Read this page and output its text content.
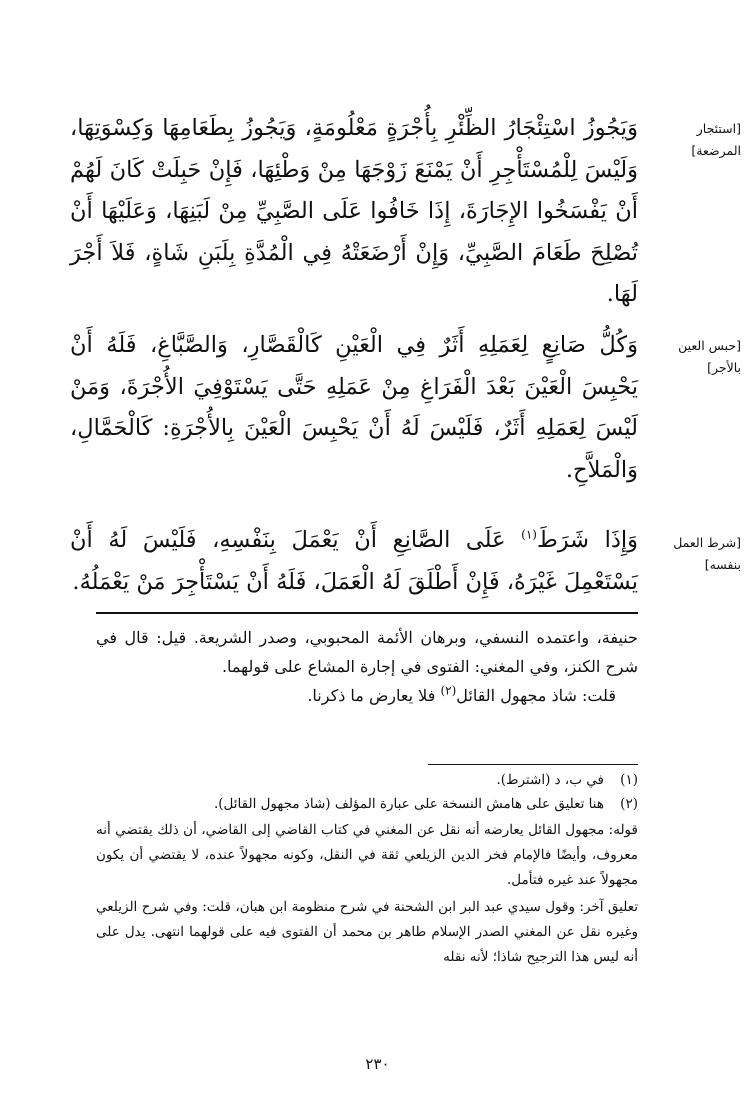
[استئجار المرضعة]
وَيَجُوزُ اسْتِئْجَارُ الظِّئْرِ بِأُجْرَةٍ مَعْلُومَةٍ، وَيَجُوزُ بِطَعَامِهَا وَكِسْوَتِهَا، وَلَيْسَ لِلْمُسْتَأْجِرِ أَنْ يَمْنَعَ زَوْجَهَا مِنْ وَطْئِهَا، فَإِنْ حَبِلَتْ كَانَ لَهُمْ أَنْ يَفْسَخُوا الإِجَارَةَ، إِذَا خَافُوا عَلَى الصَّبِيِّ مِنْ لَبَنِهَا، وَعَلَيْهَا أَنْ تُصْلِحَ طَعَامَ الصَّبِيِّ، وَإِنْ أَرْضَعَتْهُ فِي الْمُدَّةِ بِلَبَنِ شَاةٍ، فَلاَ أَجْرَ لَهَا.
[حبس العين بالأجر]
وَكُلُّ صَانِعٍ لِعَمَلِهِ أَثَرٌ فِي الْعَيْنِ كَالْقَصَّارِ، وَالصَّبَّاغِ، فَلَهُ أَنْ يَحْبِسَ الْعَيْنَ بَعْدَ الْفَرَاغِ مِنْ عَمَلِهِ حَتَّى يَسْتَوْفِيَ الأُجْرَةَ، وَمَنْ لَيْسَ لِعَمَلِهِ أَثَرٌ، فَلَيْسَ لَهُ أَنْ يَحْبِسَ الْعَيْنَ بِالأُجْرَةِ: كَالْحَمَّالِ، وَالْمَلاَّحِ.
[شرط العمل بنفسه]
وَإِذَا شَرَطَ$^{(١)}$ عَلَى الصَّانِعِ أَنْ يَعْمَلَ بِنَفْسِهِ، فَلَيْسَ لَهُ أَنْ يَسْتَعْمِلَ غَيْرَهُ، فَإِنْ أَطْلَقَ لَهُ الْعَمَلَ، فَلَهُ أَنْ يَسْتَأْجِرَ مَنْ يَعْمَلُهُ.
حنيفة، واعتمده النسفي، وبرهان الأئمة المحبوبي، وصدر الشريعة. قيل: قال في شرح الكنز، وفي المغني: الفتوى في إجارة المشاع على قولهما.
قلت: شاذ مجهول القائل$^{(٢)}$ فلا يعارض ما ذكرنا.
(١)
في ب، د (اشترط).
(٢)
هنا تعليق على هامش النسخة على عبارة المؤلف (شاذ مجهول القائل).
قوله: مجهول القائل يعارضه أنه نقل عن المغني في كتاب القاضي إلى القاضي، أن ذلك يقتضي أنه معروف، وأيضًا فالإمام فخر الدين الزيلعي ثقة في النقل، وكونه مجهولاً عنده، لا يقتضي أن يكون مجهولاً عند غيره فتأمل.
تعليق آخر: وقول سيدي عبد البر ابن الشحنة في شرح منظومة ابن هبان، قلت: وفي شرح الزيلعي وغيره نقل عن المغني الصدر الإسلام طاهر بن محمد أن الفتوى فيه على قولهما انتهى. يدل على أنه ليس هذا الترجيح شاذا؛ لأنه نقله
٢٣٠
